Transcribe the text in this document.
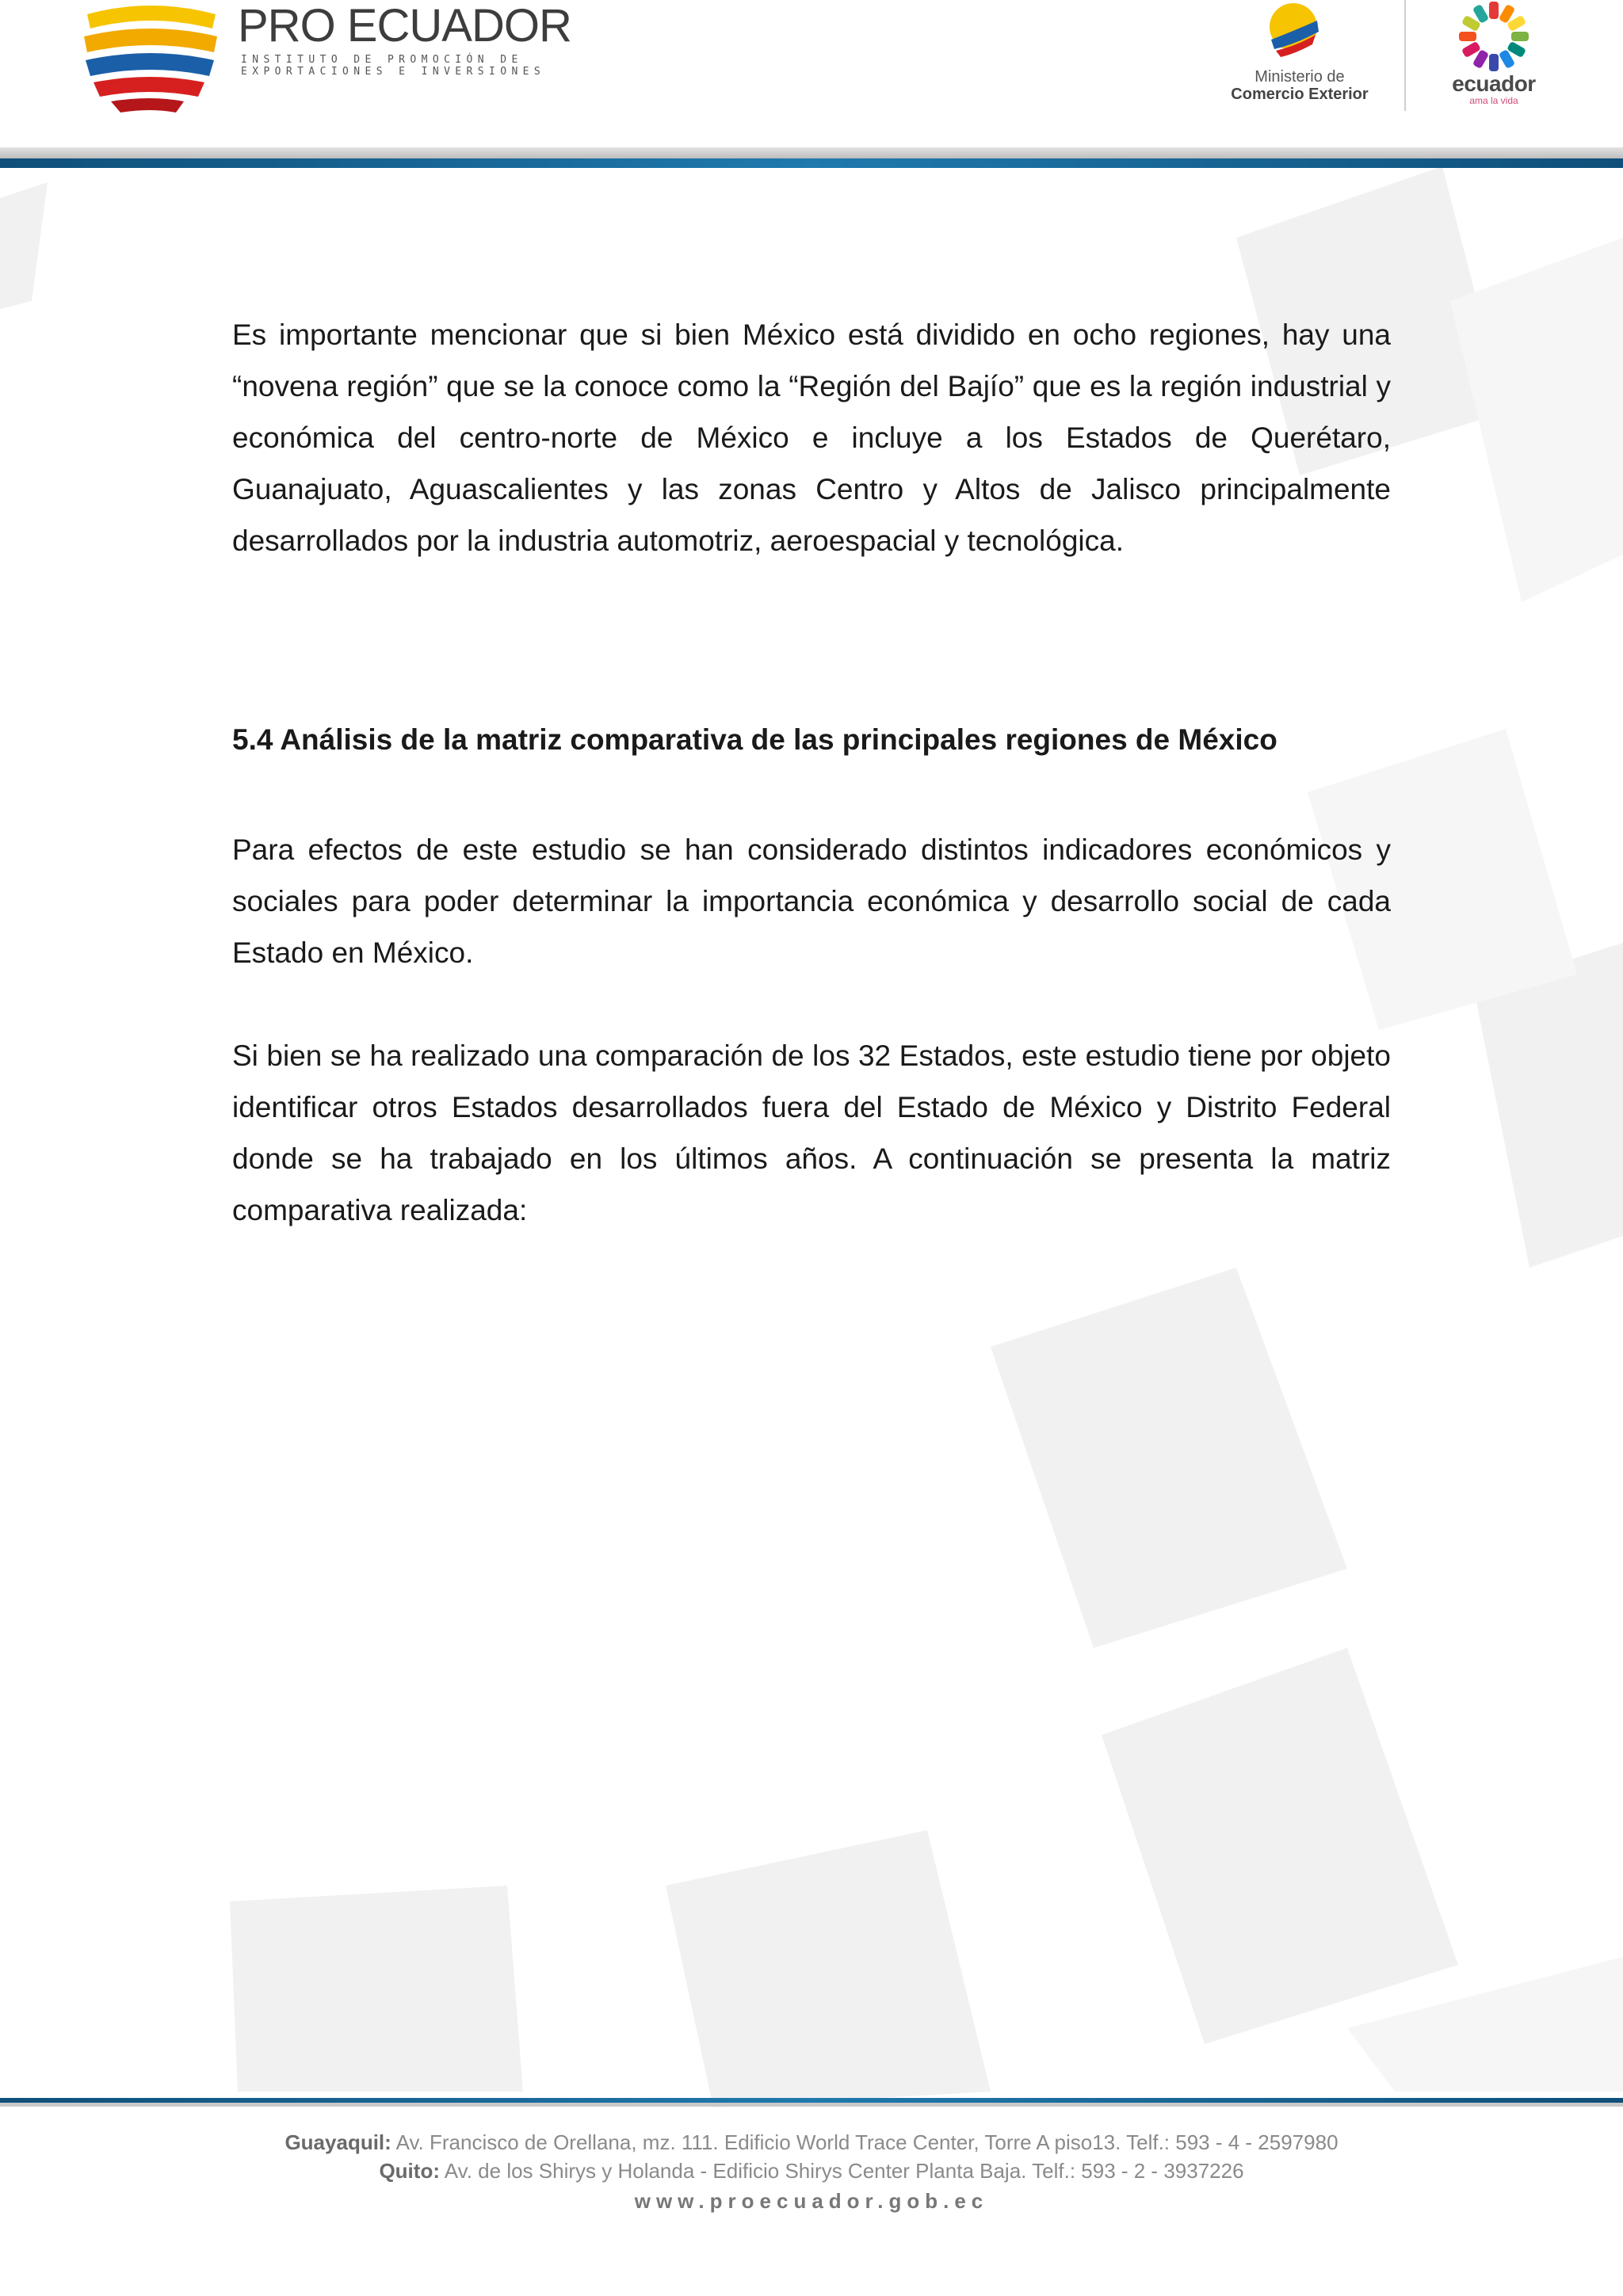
PRO ECUADOR
INSTITUTO DE PROMOCIÓN DE
EXPORTACIONES E INVERSIONES	Ministerio de
Comercio Exterior	ecuador
ama la vida

Es importante mencionar que si bien México está dividido en ocho regiones, hay una “novena región” que se la conoce como la “Región del Bajío” que es la región industrial y económica del centro-norte de México e incluye a los Estados de Querétaro, Guanajuato, Aguascalientes y las zonas Centro y Altos de Jalisco principalmente desarrollados por la industria automotriz, aeroespacial y tecnológica.

5.4 Análisis de la matriz comparativa de las principales regiones de México

Para efectos de este estudio se han considerado distintos indicadores económicos y sociales para poder determinar la importancia económica y desarrollo social de cada Estado en México.

Si bien se ha realizado una comparación de los 32 Estados, este estudio tiene por objeto identificar otros Estados desarrollados fuera del Estado de México y Distrito Federal donde se ha trabajado en los últimos años. A continuación se presenta la matriz comparativa realizada:

Guayaquil: Av. Francisco de Orellana, mz. 111. Edificio World Trace Center, Torre A piso13. Telf.: 593 - 4 - 2597980
Quito: Av. de los Shirys y Holanda - Edificio Shirys Center Planta Baja. Telf.: 593 - 2 - 3937226
www.proecuador.gob.ec
